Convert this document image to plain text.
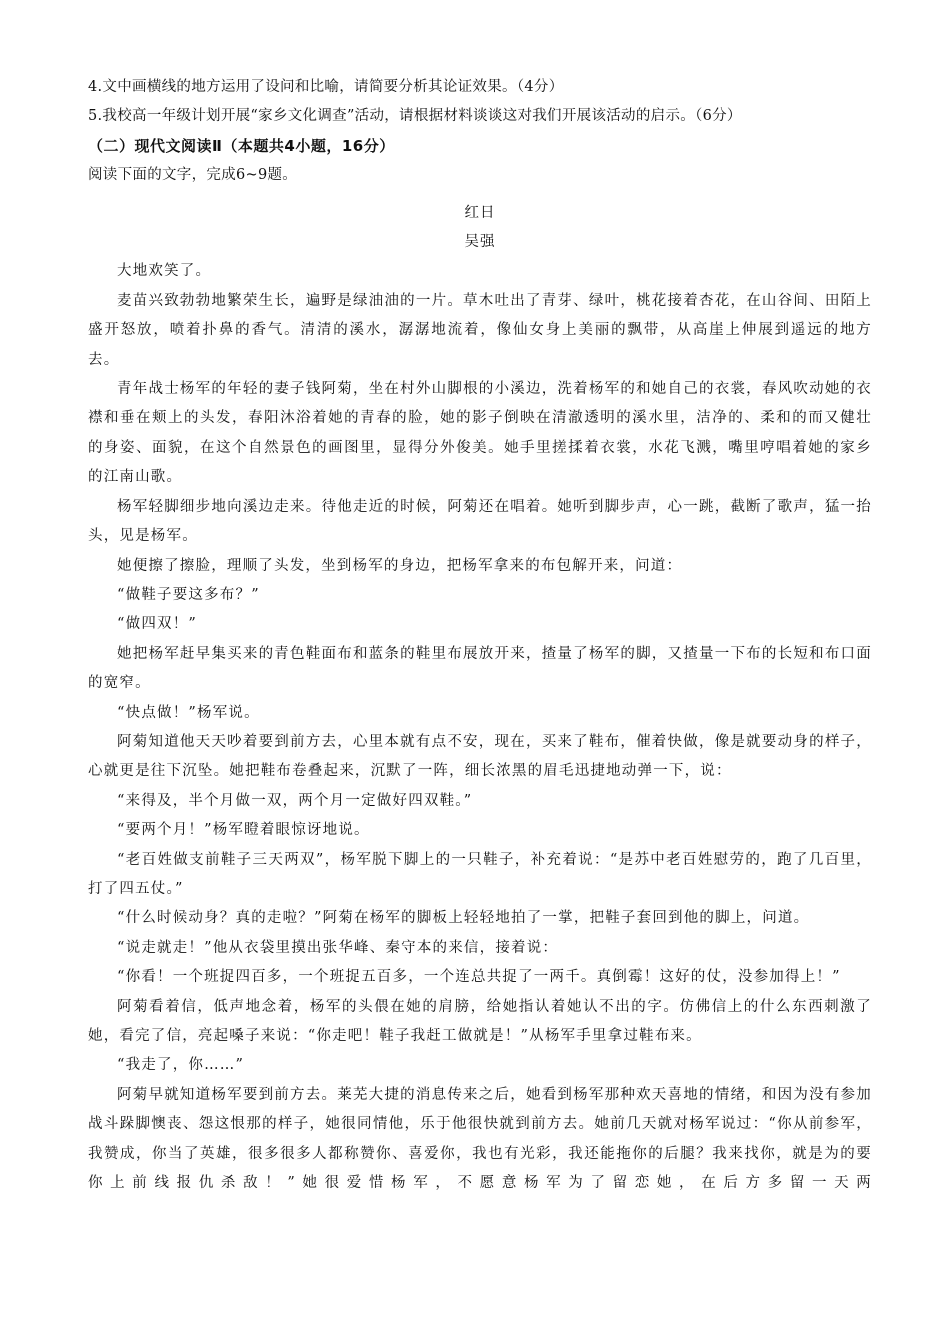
4.文中画横线的地方运用了设问和比喻，请简要分析其论证效果。（4分）

5.我校高一年级计划开展“家乡文化调查”活动，请根据材料谈谈这对我们开展该活动的启示。（6分）

（二）现代文阅读Ⅱ（本题共4小题，16分）

阅读下面的文字，完成6~9题。

红日

吴强

大地欢笑了。

麦苗兴致勃勃地繁荣生长，遍野是绿油油的一片。草木吐出了青芽、绿叶，桃花接着杏花，在山谷间、田陌上盛开怒放，喷着扑鼻的香气。清清的溪水，潺潺地流着，像仙女身上美丽的飘带，从高崖上伸展到遥远的地方去。

青年战士杨军的年轻的妻子钱阿菊，坐在村外山脚根的小溪边，洗着杨军的和她自己的衣裳，春风吹动她的衣襟和垂在颊上的头发，春阳沐浴着她的青春的脸，她的影子倒映在清澈透明的溪水里，洁净的、柔和的而又健壮的身姿、面貌，在这个自然景色的画图里，显得分外俊美。她手里搓揉着衣裳，水花飞溅，嘴里哼唱着她的家乡的江南山歌。

杨军轻脚细步地向溪边走来。待他走近的时候，阿菊还在唱着。她听到脚步声，心一跳，截断了歌声，猛一抬头，见是杨军。

她便擦了擦脸，理顺了头发，坐到杨军的身边，把杨军拿来的布包解开来，问道：

“做鞋子要这多布？”

“做四双！”

她把杨军赶早集买来的青色鞋面布和蓝条的鞋里布展放开来，揸量了杨军的脚，又揸量一下布的长短和布口面的宽窄。

“快点做！”杨军说。

阿菊知道他天天吵着要到前方去，心里本就有点不安，现在，买来了鞋布，催着快做，像是就要动身的样子，心就更是往下沉坠。她把鞋布卷叠起来，沉默了一阵，细长浓黑的眉毛迅捷地动弹一下，说：

“来得及，半个月做一双，两个月一定做好四双鞋。”

“要两个月！”杨军瞪着眼惊讶地说。

“老百姓做支前鞋子三天两双”，杨军脱下脚上的一只鞋子，补充着说：“是苏中老百姓慰劳的，跑了几百里，打了四五仗。”

“什么时候动身？真的走啦？”阿菊在杨军的脚板上轻轻地拍了一掌，把鞋子套回到他的脚上，问道。

“说走就走！”他从衣袋里摸出张华峰、秦守本的来信，接着说：

“你看！一个班捉四百多，一个班捉五百多，一个连总共捉了一两千。真倒霉！这好的仗，没参加得上！”

阿菊看着信，低声地念着，杨军的头偎在她的肩膀，给她指认着她认不出的字。仿佛信上的什么东西刺激了她，看完了信，亮起嗓子来说：“你走吧！鞋子我赶工做就是！”从杨军手里拿过鞋布来。

“我走了，你……”

阿菊早就知道杨军要到前方去。莱芜大捷的消息传来之后，她看到杨军那种欢天喜地的情绪，和因为没有参加战斗跺脚懊丧、怨这恨那的样子，她很同情他，乐于他很快就到前方去。她前几天就对杨军说过：“你从前参军，我赞成，你当了英雄，很多很多人都称赞你、喜爱你，我也有光彩，我还能拖你的后腿？我来找你，就是为的要你上前线报仇杀敌！”她很爱惜杨军，不愿意杨军为了留恋她，在后方多留一天两
